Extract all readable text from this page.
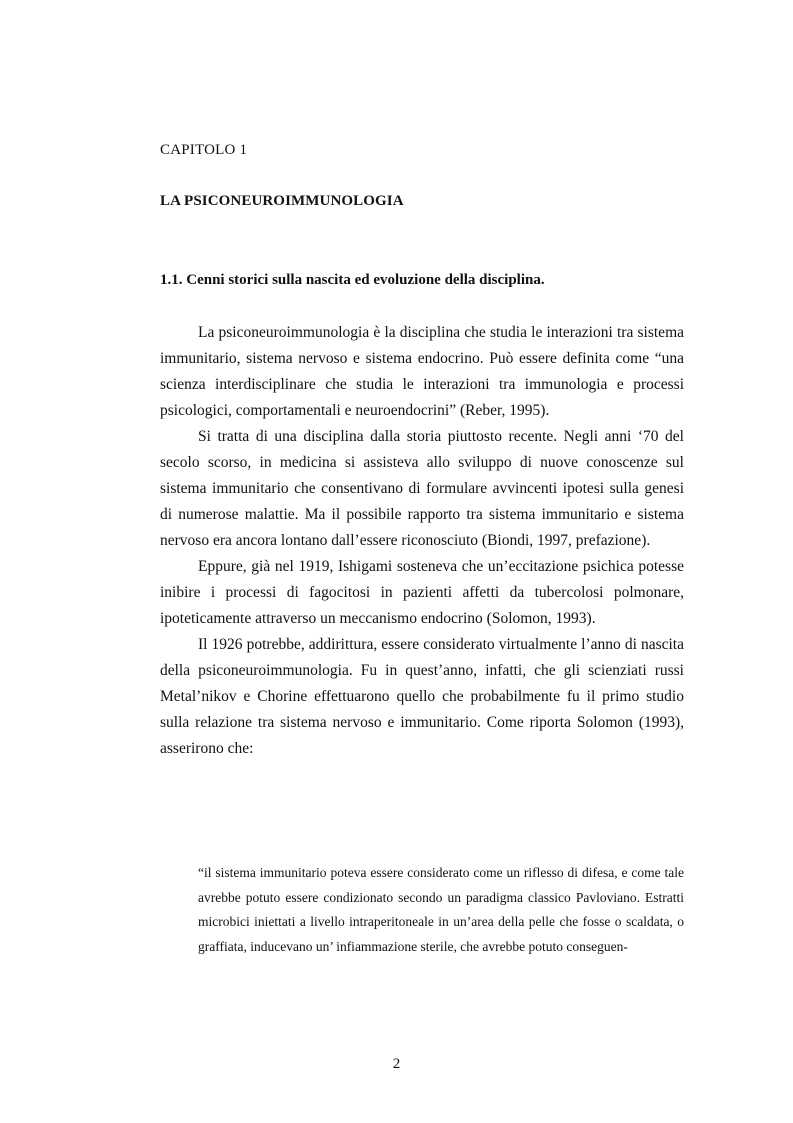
CAPITOLO 1
LA PSICONEUROIMMUNOLOGIA
1.1. Cenni storici sulla nascita ed evoluzione della disciplina.

La psiconeuroimmunologia è la disciplina che studia le interazioni tra sistema immunitario, sistema nervoso e sistema endocrino. Può essere definita come “una scienza interdisciplinare che studia le interazioni tra immunologia e processi psicologici, comportamentali e neuroendocrini” (Reber, 1995).

Si tratta di una disciplina dalla storia piuttosto recente. Negli anni ‘70 del secolo scorso, in medicina si assisteva allo sviluppo di nuove conoscenze sul sistema immunitario che consentivano di formulare avvincenti ipotesi sulla genesi di numerose malattie. Ma il possibile rapporto tra sistema immunitario e sistema nervoso era ancora lontano dall’essere riconosciuto (Biondi, 1997, prefazione).

Eppure, già nel 1919, Ishigami sosteneva che un’eccitazione psichica potesse inibire i processi di fagocitosi in pazienti affetti da tubercolosi polmonare, ipoteticamente attraverso un meccanismo endocrino (Solomon, 1993).

Il 1926 potrebbe, addirittura, essere considerato virtualmente l’anno di nascita della psiconeuroimmunologia. Fu in quest’anno, infatti, che gli scienziati russi Metal’nikov e Chorine effettuarono quello che probabilmente fu il primo studio sulla relazione tra sistema nervoso e immunitario. Come riporta Solomon (1993), asserirono che:

“il sistema immunitario poteva essere considerato come un riflesso di difesa, e come tale avrebbe potuto essere condizionato secondo un paradigma classico Pavloviano. Estratti microbici iniettati a livello intraperitoneale in un’area della pelle che fosse o scaldata, o graffiata, inducevano un’ infiammazione sterile, che avrebbe potuto conseguen-
2
